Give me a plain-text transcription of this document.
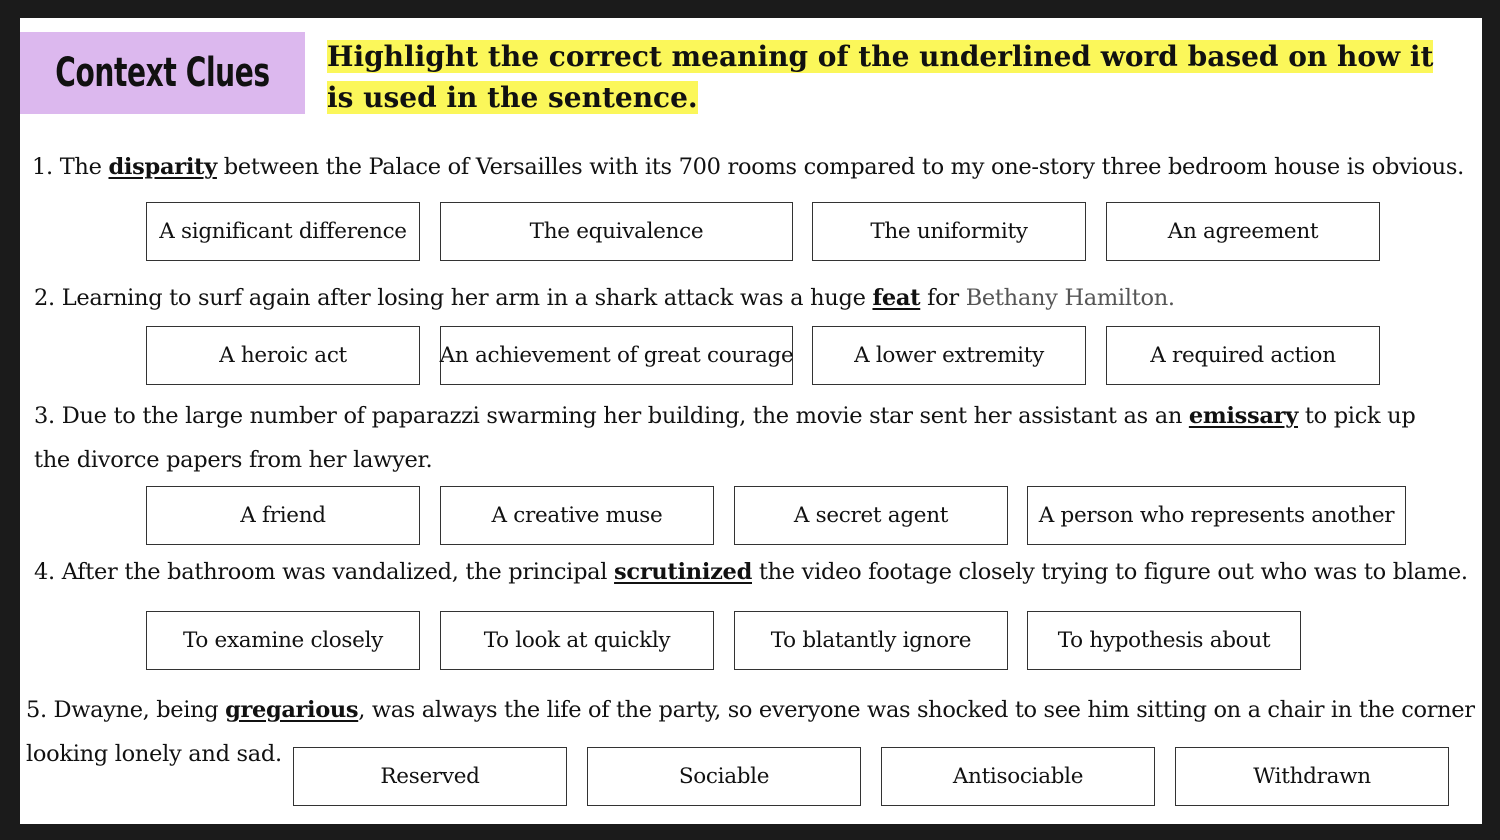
Context Clues Highlight the correct meaning of the underlined word based on how it is used in the sentence.
1. The disparity between the Palace of Versailles with its 700 rooms compared to my one-story three bedroom house is obvious.
A significant difference	The equivalence	The uniformity	An agreement
2. Learning to surf again after losing her arm in a shark attack was a huge feat for Bethany Hamilton.
A heroic act	An achievement of great courage	A lower extremity	A required action
3. Due to the large number of paparazzi swarming her building, the movie star sent her assistant as an emissary to pick up
the divorce papers from her lawyer.
A friend	A creative muse	A secret agent	A person who represents another
4. After the bathroom was vandalized, the principal scrutinized the video footage closely trying to figure out who was to blame.
To examine closely	To look at quickly	To blatantly ignore	To hypothesis about
5. Dwayne, being gregarious, was always the life of the party, so everyone was shocked to see him sitting on a chair in the corner
looking lonely and sad.
Reserved	Sociable	Antisociable	Withdrawn
